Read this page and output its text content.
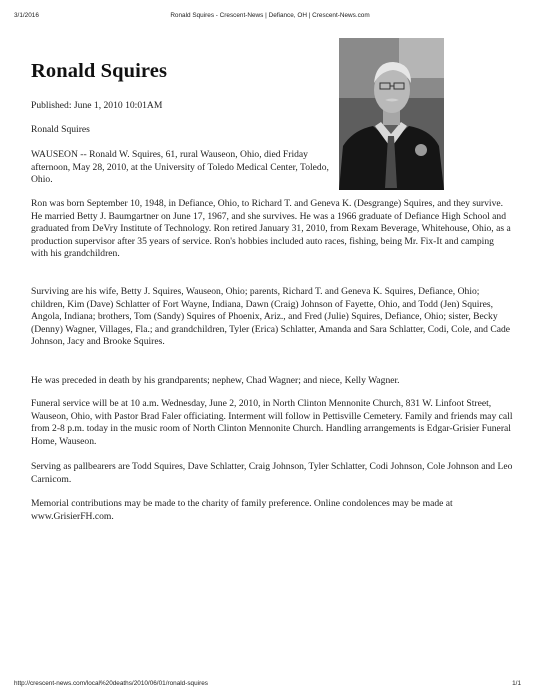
3/1/2016	Ronald Squires - Crescent-News | Defiance, OH | Crescent-News.com
Ronald Squires

Published: June 1, 2010 10:01AM

Ronald Squires

WAUSEON -- Ronald W. Squires, 61, rural Wauseon, Ohio, died Friday afternoon, May 28, 2010, at the University of Toledo Medical Center, Toledo, Ohio.

Ron was born September 10, 1948, in Defiance, Ohio, to Richard T. and Geneva K. (Desgrange) Squires, and they survive. He married Betty J. Baumgartner on June 17, 1967, and she survives. He was a 1966 graduate of Defiance High School and graduated from DeVry Institute of Technology. Ron retired January 31, 2010, from Rexam Beverage, Whitehouse, Ohio, as a production supervisor after 35 years of service. Ron's hobbies included auto races, fishing, being Mr. Fix-It and camping with his grandchildren.

Surviving are his wife, Betty J. Squires, Wauseon, Ohio; parents, Richard T. and Geneva K. Squires, Defiance, Ohio; children, Kim (Dave) Schlatter of Fort Wayne, Indiana, Dawn (Craig) Johnson of Fayette, Ohio, and Todd (Jen) Squires, Angola, Indiana; brothers, Tom (Sandy) Squires of Phoenix, Ariz., and Fred (Julie) Squires, Defiance, Ohio; sister, Becky (Denny) Wagner, Villages, Fla.; and grandchildren, Tyler (Erica) Schlatter, Amanda and Sara Schlatter, Codi, Cole, and Cade Johnson, Jacy and Brooke Squires.

He was preceded in death by his grandparents; nephew, Chad Wagner; and niece, Kelly Wagner.

Funeral service will be at 10 a.m. Wednesday, June 2, 2010, in North Clinton Mennonite Church, 831 W. Linfoot Street, Wauseon, Ohio, with Pastor Brad Faler officiating. Interment will follow in Pettisville Cemetery. Family and friends may call from 2-8 p.m. today in the music room of North Clinton Mennonite Church. Handling arrangements is Edgar-Grisier Funeral Home, Wauseon.

Serving as pallbearers are Todd Squires, Dave Schlatter, Craig Johnson, Tyler Schlatter, Codi Johnson, Cole Johnson and Leo Carnicom.

Memorial contributions may be made to the charity of family preference. Online condolences may be made at www.GrisierFH.com.

http://crescent-news.com/local%20deaths/2010/06/01/ronald-squires	1/1
